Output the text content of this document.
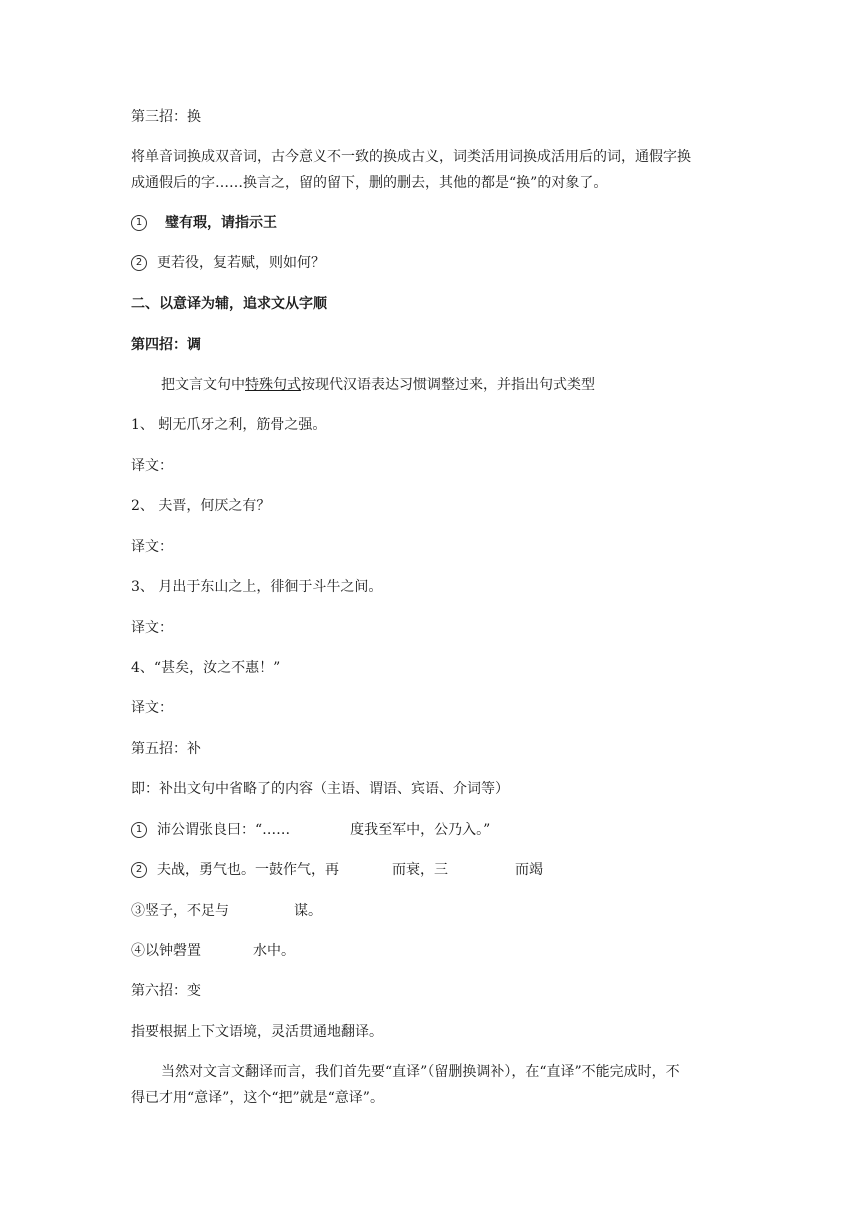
第三招：换
将单音词换成双音词，古今意义不一致的换成古义，词类活用词换成活用后的词，通假字换
成通假后的字……换言之，留的留下，删的删去，其他的都是“换”的对象了。
1 璧有瑕，请指示王
2 更若役，复若赋，则如何？
二、以意译为辅，追求文从字顺
第四招：调
把文言文句中特殊句式按现代汉语表达习惯调整过来，并指出句式类型
1、 蚓无爪牙之利，筋骨之强。
译文：
2、 夫晋，何厌之有？
译文：
3、 月出于东山之上，徘徊于斗牛之间。
译文：
4、“甚矣，汝之不惠！”
译文：
第五招：补
即：补出文句中省略了的内容（主语、谓语、宾语、介词等）
1 沛公谓张良曰：“……	度我至军中，公乃入。”
2 夫战，勇气也。一鼓作气，再	而衰，三	而竭
③竖子，不足与	谋。
④以钟磬置	水中。
第六招：变
指要根据上下文语境，灵活贯通地翻译。
当然对文言文翻译而言，我们首先要“直译”（留删换调补），在“直译”不能完成时，不
得已才用“意译”，这个“把”就是“意译”。
